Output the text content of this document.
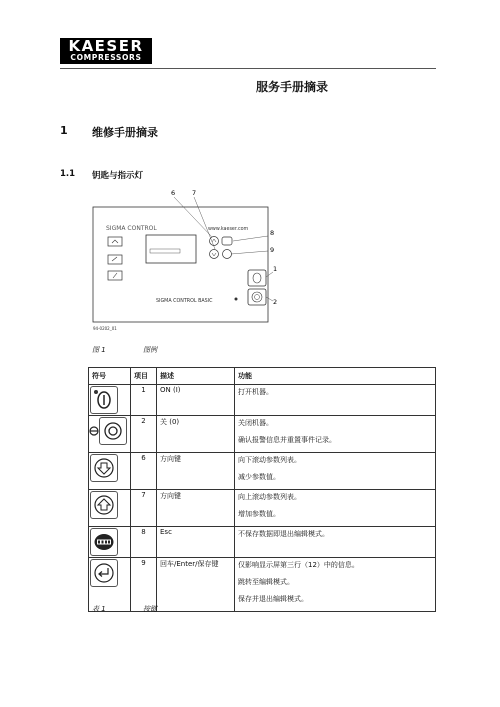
KAESER
COMPRESSORS
服务手册摘录
1 维修手册摘录
1.1 钥匙与指示灯
SIGMA CONTROL	www.kaeser.com
SIGMA CONTROL BASIC
6	7
8
9
1
2
94-0202_01
图 1	图例
符号	项目	描述	功能

	1	ON (I)	打开机器。

	2	关 (0)	关闭机器。
确认报警信息并重置事件记录。

	6	方向键	向下滚动参数列表。
减少参数值。

	7	方向键	向上滚动参数列表。
增加参数值。

	8	Esc	不保存数据即退出编辑模式。

	9	回车/Enter/保存键	仅影响显示屏第三行（12）中的信息。
跳转至编辑模式。
保存并退出编辑模式。
表 1	按键
